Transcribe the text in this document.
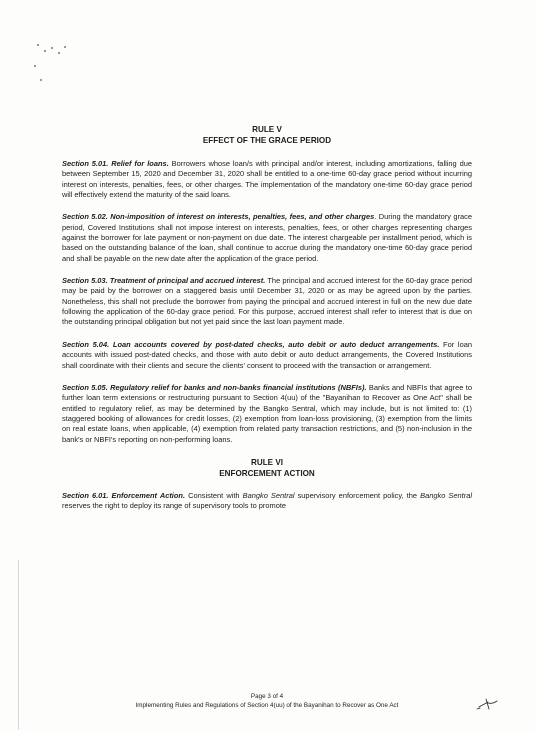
RULE V

EFFECT OF THE GRACE PERIOD

Section 5.01. Relief for loans. Borrowers whose loan/s with principal and/or interest, including amortizations, falling due between September 15, 2020 and December 31, 2020 shall be entitled to a one-time 60-day grace period without incurring interest on interests, penalties, fees, or other charges. The implementation of the mandatory one-time 60-day grace period will effectively extend the maturity of the said loans.

Section 5.02. Non-imposition of interest on interests, penalties, fees, and other charges. During the mandatory grace period, Covered Institutions shall not impose interest on interests, penalties, fees, or other charges representing charges against the borrower for late payment or non-payment on due date. The interest chargeable per installment period, which is based on the outstanding balance of the loan, shall continue to accrue during the mandatory one-time 60-day grace period and shall be payable on the new date after the application of the grace period.

Section 5.03. Treatment of principal and accrued interest. The principal and accrued interest for the 60-day grace period may be paid by the borrower on a staggered basis until December 31, 2020 or as may be agreed upon by the parties. Nonetheless, this shall not preclude the borrower from paying the principal and accrued interest in full on the new due date following the application of the 60-day grace period. For this purpose, accrued interest shall refer to interest that is due on the outstanding principal obligation but not yet paid since the last loan payment made.

Section 5.04. Loan accounts covered by post-dated checks, auto debit or auto deduct arrangements. For loan accounts with issued post-dated checks, and those with auto debit or auto deduct arrangements, the Covered Institutions shall coordinate with their clients and secure the clients' consent to proceed with the transaction or arrangement.

Section 5.05. Regulatory relief for banks and non-banks financial institutions (NBFIs). Banks and NBFIs that agree to further loan term extensions or restructuring pursuant to Section 4(uu) of the "Bayanihan to Recover as One Act" shall be entitled to regulatory relief, as may be determined by the Bangko Sentral, which may include, but is not limited to: (1) staggered booking of allowances for credit losses, (2) exemption from loan-loss provisioning, (3) exemption from the limits on real estate loans, when applicable, (4) exemption from related party transaction restrictions, and (5) non-inclusion in the bank's or NBFI's reporting on non-performing loans.

RULE VI

ENFORCEMENT ACTION

Section 6.01. Enforcement Action. Consistent with Bangko Sentral supervisory enforcement policy, the Bangko Sentral reserves the right to deploy its range of supervisory tools to promote

Page 3 of 4
Implementing Rules and Regulations of Section 4(uu) of the Bayanihan to Recover as One Act
